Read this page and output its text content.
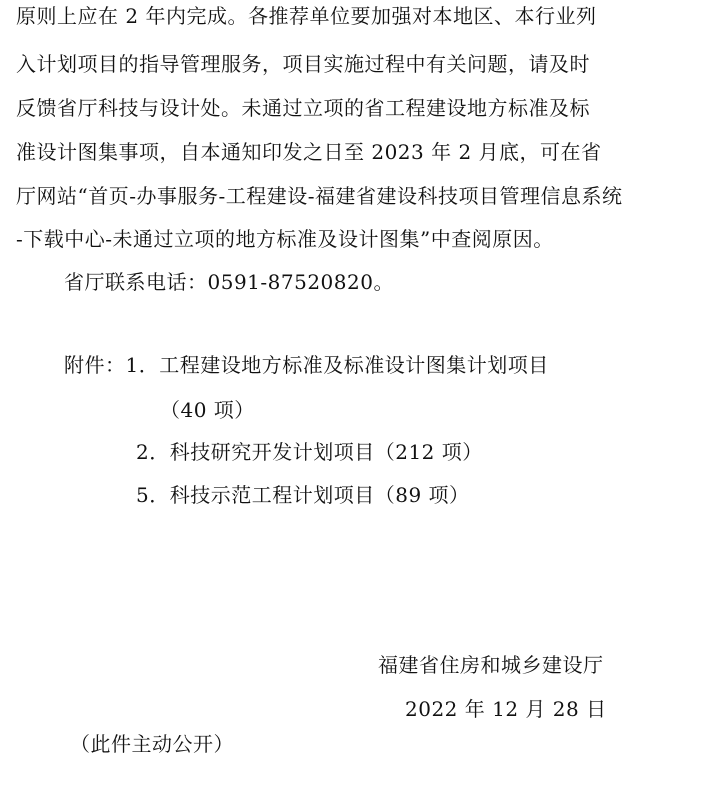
原则上应在 2 年内完成。各推荐单位要加强对本地区、本行业列
入计划项目的指导管理服务，项目实施过程中有关问题，请及时
反馈省厅科技与设计处。未通过立项的省工程建设地方标准及标
准设计图集事项，自本通知印发之日至 2023 年 2 月底，可在省
厅网站“首页-办事服务-工程建设-福建省建设科技项目管理信息系统
-下载中心-未通过立项的地方标准及设计图集”中查阅原因。
省厅联系电话：0591-87520820。
附件：1．工程建设地方标准及标准设计图集计划项目
（40 项）
2．科技研究开发计划项目（212 项）
5．科技示范工程计划项目（89 项）
福建省住房和城乡建设厅
2022 年 12 月 28 日
（此件主动公开）
